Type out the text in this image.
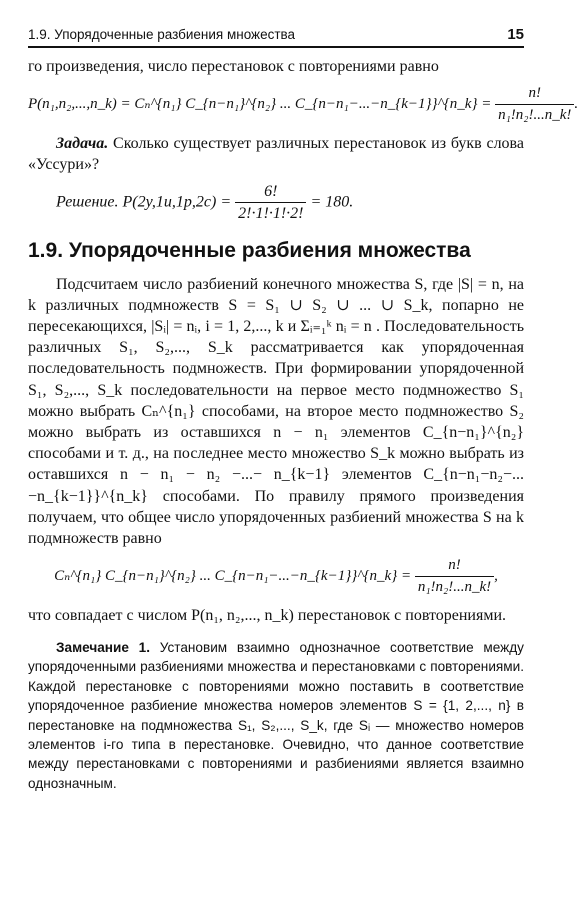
1.9. Упорядоченные разбиения множества	15

го произведения, число перестановок с повторениями равно

P(n₁,n₂,...,n_k) = Cₙ^{n₁} C_{n−n₁}^{n₂} ... C_{n−n₁−...−n_{k−1}}^{n_k} = $\frac{n!}{\text{n₁!n₂!...n\_k!}}$ .

Задача. Сколько существует различных перестановок из букв слова «Уссури»?

Решение. $P(2у,1и,1р,2с) = \frac{6!}{2!\cdot 1!\cdot 1!\cdot 2!} = 180$.
1.9. Упорядоченные разбиения множества

Подсчитаем число разбиений конечного множества S, где |S| = n, на k различных подмножеств S = S₁ ∪ S₂ ∪ ... ∪ S_k, попарно не пересекающихся, |Sᵢ| = nᵢ, i = 1, 2,..., k и Σᵢ₌₁ᵏ nᵢ = n . Последовательность различных S₁, S₂,..., S_k рассматривается как упорядоченная последовательность подмножеств. При формировании упорядоченной S₁, S₂,..., S_k последовательности на первое место подмножество S₁ можно выбрать Cₙ^{n₁} способами, на второе место подмножество S₂ можно выбрать из оставшихся n − n₁ элементов C_{n−n₁}^{n₂} способами и т. д., на последнее место множество S_k можно выбрать из оставшихся n − n₁ − n₂ −...− n_{k−1} элементов C_{n−n₁−n₂−...−n_{k−1}}^{n_k} способами. По правилу прямого произведения получаем, что общее число упорядоченных разбиений множества S на k подмножеств равно

Cₙ^{n₁} C_{n−n₁}^{n₂} ... C_{n−n₁−...−n_{k−1}}^{n_k} = $\frac{n!}{\text{n₁!n₂!...n\_k!}}$ ,

что совпадает с числом P(n₁, n₂,..., n_k) перестановок с повторениями.

Замечание 1. Установим взаимно однозначное соответствие между упорядоченными разбиениями множества и перестановками с повторениями. Каждой перестановке с повторениями можно поставить в соответствие упорядоченное разбиение множества номеров элементов S = {1, 2,..., n} в перестановке на подмножества S₁, S₂,..., S_k, где Sᵢ — множество номеров элементов i-го типа в перестановке. Очевидно, что данное соответствие между перестановками с повторениями и разбиениями является взаимно однозначным.
